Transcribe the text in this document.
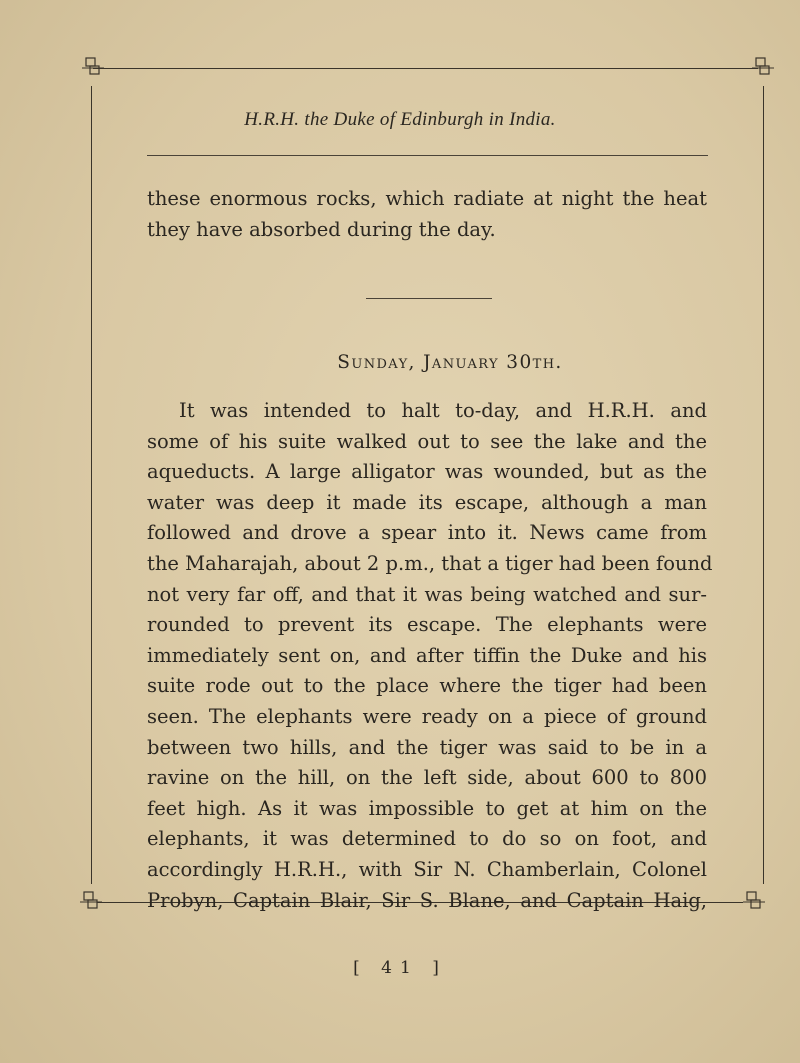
H.R.H. the Duke of Edinburgh in India.
these enormous rocks, which radiate at night the heat
they have absorbed during the day.
Sunday, January 30th.
It was intended to halt to-day, and H.R.H. and
some of his suite walked out to see the lake and the
aqueducts. A large alligator was wounded, but as the
water was deep it made its escape, although a man
followed and drove a spear into it. News came from
the Maharajah, about 2 p.m., that a tiger had been found
not very far off, and that it was being watched and sur-
rounded to prevent its escape. The elephants were
immediately sent on, and after tiffin the Duke and his
suite rode out to the place where the tiger had been
seen. The elephants were ready on a piece of ground
between two hills, and the tiger was said to be in a
ravine on the hill, on the left side, about 600 to 800
feet high. As it was impossible to get at him on the
elephants, it was determined to do so on foot, and
accordingly H.R.H., with Sir N. Chamberlain, Colonel
Probyn, Captain Blair, Sir S. Blane, and Captain Haig,
[ 41 ]
